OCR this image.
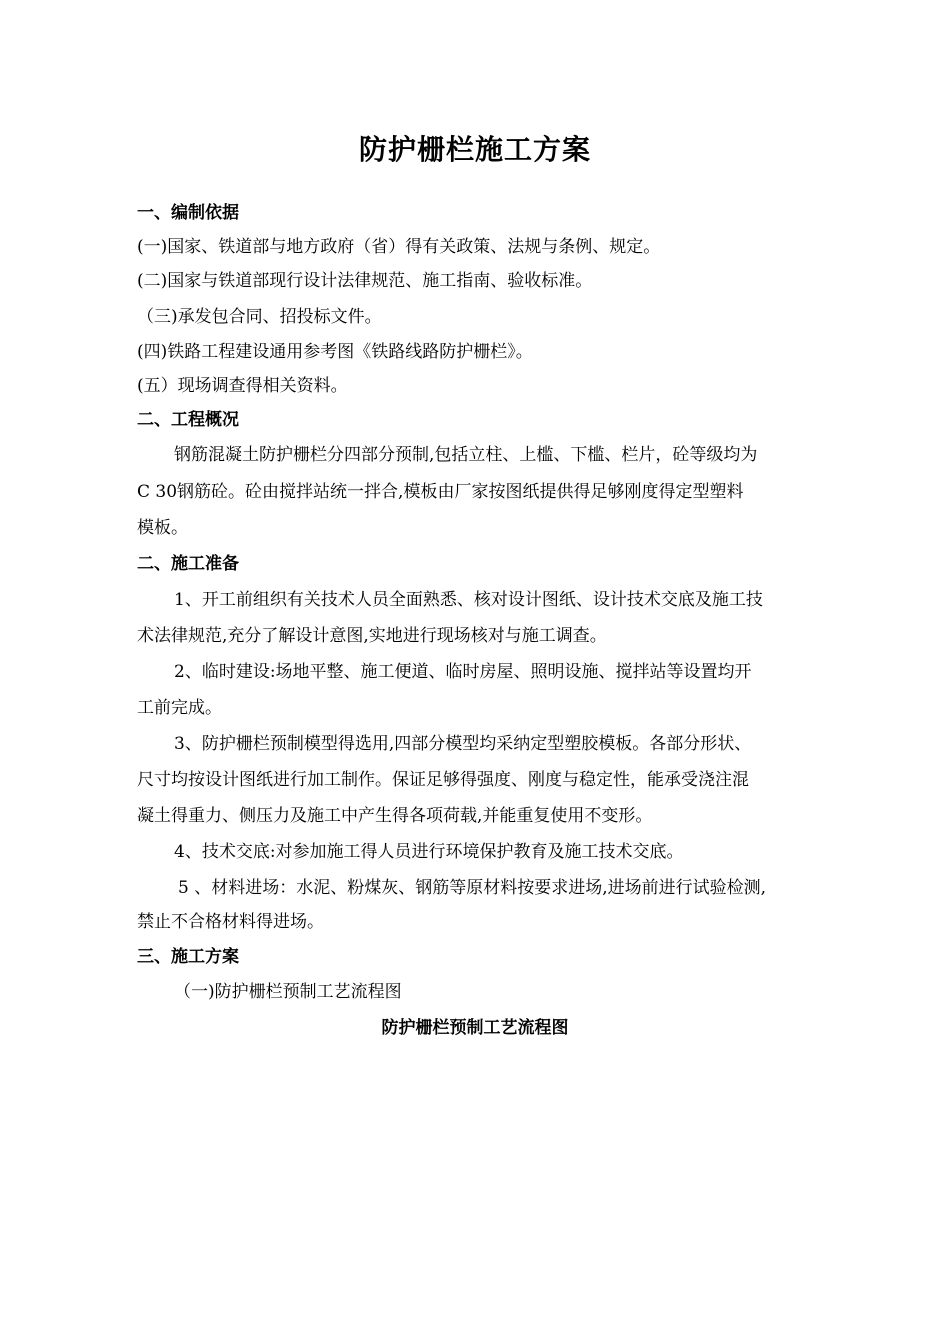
防护栅栏施工方案
一、编制依据
(一)国家、铁道部与地方政府（省）得有关政策、法规与条例、规定。
(二)国家与铁道部现行设计法律规范、施工指南、验收标准。
（三)承发包合同、招投标文件。
(四)铁路工程建设通用参考图《铁路线路防护栅栏》。
(五）现场调查得相关资料。
二、工程概况
钢筋混凝土防护栅栏分四部分预制,包括立柱、上槛、下槛、栏片，砼等级均为
C 30钢筋砼。砼由搅拌站统一拌合,模板由厂家按图纸提供得足够刚度得定型塑料
模板。
二、施工准备
1、开工前组织有关技术人员全面熟悉、核对设计图纸、设计技术交底及施工技
术法律规范,充分了解设计意图,实地进行现场核对与施工调查。
2、临时建设:场地平整、施工便道、临时房屋、照明设施、搅拌站等设置均开
工前完成。
3、防护栅栏预制模型得选用,四部分模型均采纳定型塑胶模板。各部分形状、
尺寸均按设计图纸进行加工制作。保证足够得强度、刚度与稳定性，能承受浇注混
凝土得重力、侧压力及施工中产生得各项荷载,并能重复使用不变形。
4、技术交底:对参加施工得人员进行环境保护教育及施工技术交底。
5 、材料进场：水泥、粉煤灰、钢筋等原材料按要求进场,进场前进行试验检测,
禁止不合格材料得进场。
三、施工方案
（一)防护栅栏预制工艺流程图
防护栅栏预制工艺流程图
